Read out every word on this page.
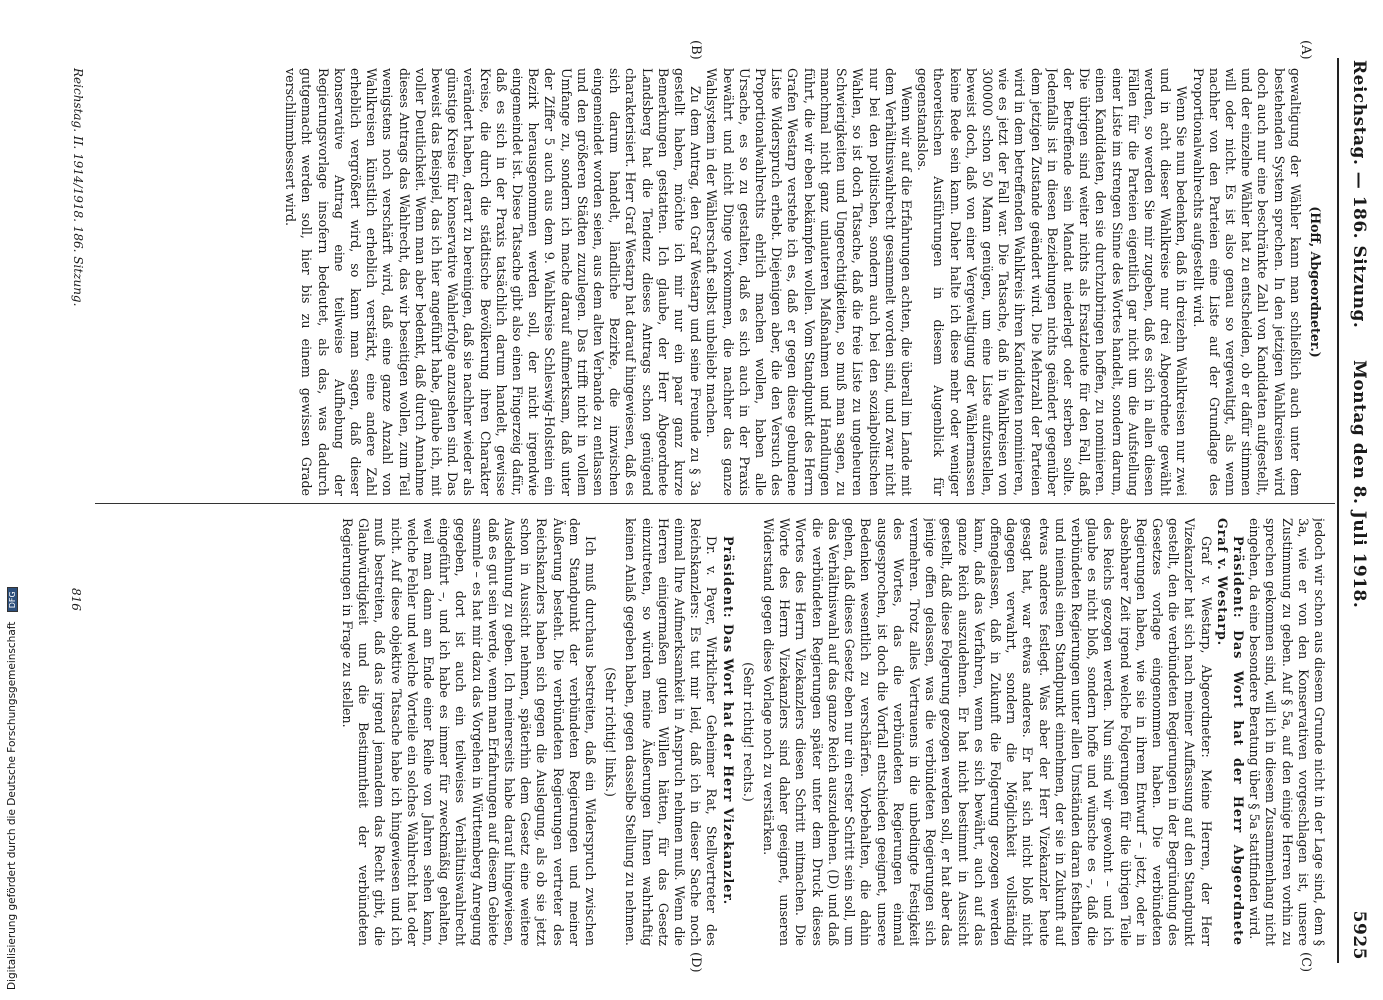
Reichstag. — 186. Sitzung.
Montag den 8. Juli 1918.
5925
(A)
(B)
(C)
(D)

(Hoff, Abgeordneter.)

gewaltigung der Wähler kann man schließlich auch unter dem bestehenden System sprechen. In den jetzigen Wahlkreisen wird doch auch nur eine beschränkte Zahl von Kandidaten aufgestellt, und der einzelne Wähler hat zu entscheiden, ob er dafür stimmen will oder nicht. Es ist also genau so vergewaltigt, als wenn nachher von den Parteien eine Liste auf der Grundlage des Proportionalwahlrechts aufgestellt wird.

Wenn Sie nun bedenken, daß in dreizehn Wahlkreisen nur zwei und in acht dieser Wahlkreise nur drei Abgeordnete gewählt werden, so werden Sie mir zugeben, daß es sich in allen diesen Fällen für die Parteien eigentlich gar nicht um die Aufstellung einer Liste im strengen Sinne des Wortes handelt, sondern darum, einen Kandidaten, den sie durchzubringen hoffen, zu nominieren. Die übrigen sind weiter nichts als Ersatzleute für den Fall, daß der Betreffende sein Mandat niederlegt oder sterben sollte. Jedenfalls ist in diesen Beziehungen nichts geändert gegenüber dem jetzigen Zustande geändert wird. Die Mehrzahl der Parteien wird in dem betreffenden Wahlkreis ihren Kandidaten nominieren, wie es jetzt der Fall war. Die Tatsache, daß in Wahlkreisen von 300000 schon 50 Mann genügen, um eine Liste aufzustellen, beweist doch, daß von einer Vergewaltigung der Wählermassen keine Rede sein kann. Daher halte ich diese mehr oder weniger theoretischen Ausführungen in diesem Augenblick für gegenstandslos.

Wenn wir auf die Erfahrungen achten, die überall im Lande mit dem Verhältniswahlrecht gesammelt worden sind, und zwar nicht nur bei den politischen, sondern auch bei den sozialpolitischen Wahlen, so ist doch Tatsache, daß die freie Liste zu ungeheuren Schwierigkeiten und Ungerechtigkeiten, so muß man sagen, zu manchmal nicht ganz unlauteren Maßnahmen und Handlungen führt, die wir eben bekämpfen wollen. Vom Standpunkt des Herrn Grafen Westarp verstehe ich es, daß er gegen diese gebundene Liste Widerspruch erhebt. Diejenigen aber, die den Versuch des Proportionalwahlrechts ehrlich machen wollen, haben alle Ursache, es so zu gestalten, daß es sich auch in der Praxis bewährt und nicht Dinge vorkommen, die nachher das ganze Wahlsystem in der Wählerschaft selbst unbeliebt machen.

Zu dem Antrag, den Graf Westarp und seine Freunde zu § 3a gestellt haben, möchte ich mir nur ein paar ganz kurze Bemerkungen gestatten. Ich glaube, der Herr Abgeordnete Landsberg hat die Tendenz dieses Antrags schon genügend charakterisiert. Herr Graf Westarp hat darauf hingewiesen, daß es sich darum handelt, ländliche Bezirke, die inzwischen eingemeindet worden seien, aus dem alten Verbande zu entlassen und den größeren Städten zuzulegen. Das trifft nicht in vollem Umfange zu, sondern ich mache darauf aufmerksam, daß unter der Ziffer 5 auch aus dem 9. Wahlkreise Schleswig-Holstein ein Bezirk herausgenommen werden soll, der nicht irgendwie eingemeindet ist. Diese Tatsache gibt also einen Fingerzeig dafür, daß es sich in der Praxis tatsächlich darum handelt, gewisse Kreise, die durch die städtische Bevölkerung ihren Charakter verändert haben, derart zu bereinigen, daß sie nachher wieder als günstige Kreise für konservative Wahlerfolge anzusehen sind. Das beweist das Beispiel, das ich hier angeführt habe, glaube ich, mit voller Deutlichkeit. Wenn man aber bedenkt, daß durch Annahme dieses Antrags das Wahlrecht, das wir beseitigen wollen, zum Teil wenigstens noch verschärft wird, daß eine ganze Anzahl von Wahlkreisen künstlich erheblich verstärkt, eine andere Zahl erheblich vergrößert wird, so kann man sagen, daß dieser konservative Antrag eine teilweise Aufhebung der Regierungsvorlage insofern bedeutet, als das, was dadurch gutgemacht werden soll, hier bis zu einem gewissen Grade verschlimmbessert wird.

jedoch wir schon aus diesem Grunde nicht in der Lage sind, dem § 3a, wie er von den Konservativen vorgeschlagen ist, unsere Zustimmung zu geben. Auf § 5a, auf den einige Herren vorhin zu sprechen gekommen sind, will ich in diesem Zusammenhang nicht eingehen, da eine besondere Beratung über § 5a stattfinden wird.

Präsident: Das Wort hat der Herr Abgeordnete Graf v. Westarp.

Graf v. Westarp, Abgeordneter: Meine Herren, der Herr Vizekanzler hat sich nach meiner Auffassung auf den Standpunkt gestellt, den die verbündeten Regierungen in der Begründung des Gesetzes vorlage eingenommen haben. Die verbündeten Regierungen haben, wie sie in ihrem Entwurf – jetzt, oder in absehbarer Zeit irgend welche Folgerungen für die übrigen Teile des Reichs gezogen werden. Nun sind wir gewohnt – und ich glaube es nicht bloß, sondern hoffe und wünsche es –, daß die verbündeten Regierungen unter allen Umständen daran festhalten und niemals einen Standpunkt einnehmen, der sie in Zukunft auf etwas anderes festlegt. Was aber der Herr Vizekanzler heute gesagt hat, war etwas anderes. Er hat sich nicht bloß nicht dagegen verwahrt, sondern die Möglichkeit vollständig offengelassen, daß in Zukunft die Folgerung gezogen werden kann, daß das Verfahren, wenn es sich bewährt, auch auf das ganze Reich auszudehnen. Er hat nicht bestimmt in Aussicht gestellt, daß diese Folgerung gezogen werden soll, er hat aber das jenige offen gelassen, was die verbündeten Regierungen sich vermehren. Trotz alles Vertrauens in die unbedingte Festigkeit des Wortes, das die verbündeten Regierungen einmal ausgesprochen, ist doch die Vorfall entschieden geeignet, unsere Bedenken wesentlich zu verschärfen. Vorbehalten, die dahin gehen, daß dieses Gesetz eben nur ein erster Schritt sein soll, um das Verhältniswahl auf das ganze Reich auszudehnen. (D) und daß die verbündeten Regierungen später unter dem Druck dieses Wortes des Herrn Vizekanzlers diesen Schritt mitmachen. Die Worte des Herrn Vizekanzlers sind daher geeignet, unseren Widerstand gegen diese Vorlage noch zu verstärken.

(Sehr richtig! rechts.)

Präsident: Das Wort hat der Herr Vizekanzler.

Dr. v. Payer, Wirklicher Geheimer Rat, Stellvertreter des Reichskanzlers: Es tut mir leid, daß ich in dieser Sache noch einmal Ihre Aufmerksamkeit in Anspruch nehmen muß. Wenn die Herren einigermaßen guten Willen hätten, für das Gesetz einzutreten, so würden meine Äußerungen Ihnen wahrhaftig keinen Anlaß gegeben haben, gegen dasselbe Stellung zu nehmen.

(Sehr richtig! links.)

Ich muß durchaus bestreiten, daß ein Widerspruch zwischen dem Standpunkt der verbündeten Regierungen und meiner Äußerung besteht. Die verbündeten Regierungen vertreter des Reichskanzlers haben sich gegen die Auslegung, als ob sie jetzt schon in Aussicht nehmen, späterhin dem Gesetz eine weitere Ausdehnung zu geben. Ich meinerseits habe darauf hingewiesen, daß es gut sein werde, wenn man Erfahrungen auf diesem Gebiete sammle – es hat mir dazu das Vorgehen in Württemberg Anregung gegeben, dort ist auch ein teilweises Verhältniswahlrecht eingeführt –, und ich habe es immer für zweckmäßig gehalten, weil man dann am Ende einer Reihe von Jahren sehen kann, welche Fehler und welche Vorteile ein solches Wahlrecht hat oder nicht. Auf diese objektive Tatsache habe ich hingewiesen und ich muß bestreiten, daß das irgend jemandem das Recht gibt, die Glaubwürdigkeit und die Bestimmtheit der verbündeten Regierungen in Frage zu stellen.

Reichstag. II. 1914/1918. 186. Sitzung.
816
Digitalisierung gefördert durch die Deutsche Forschungsgemeinschaft DFG
